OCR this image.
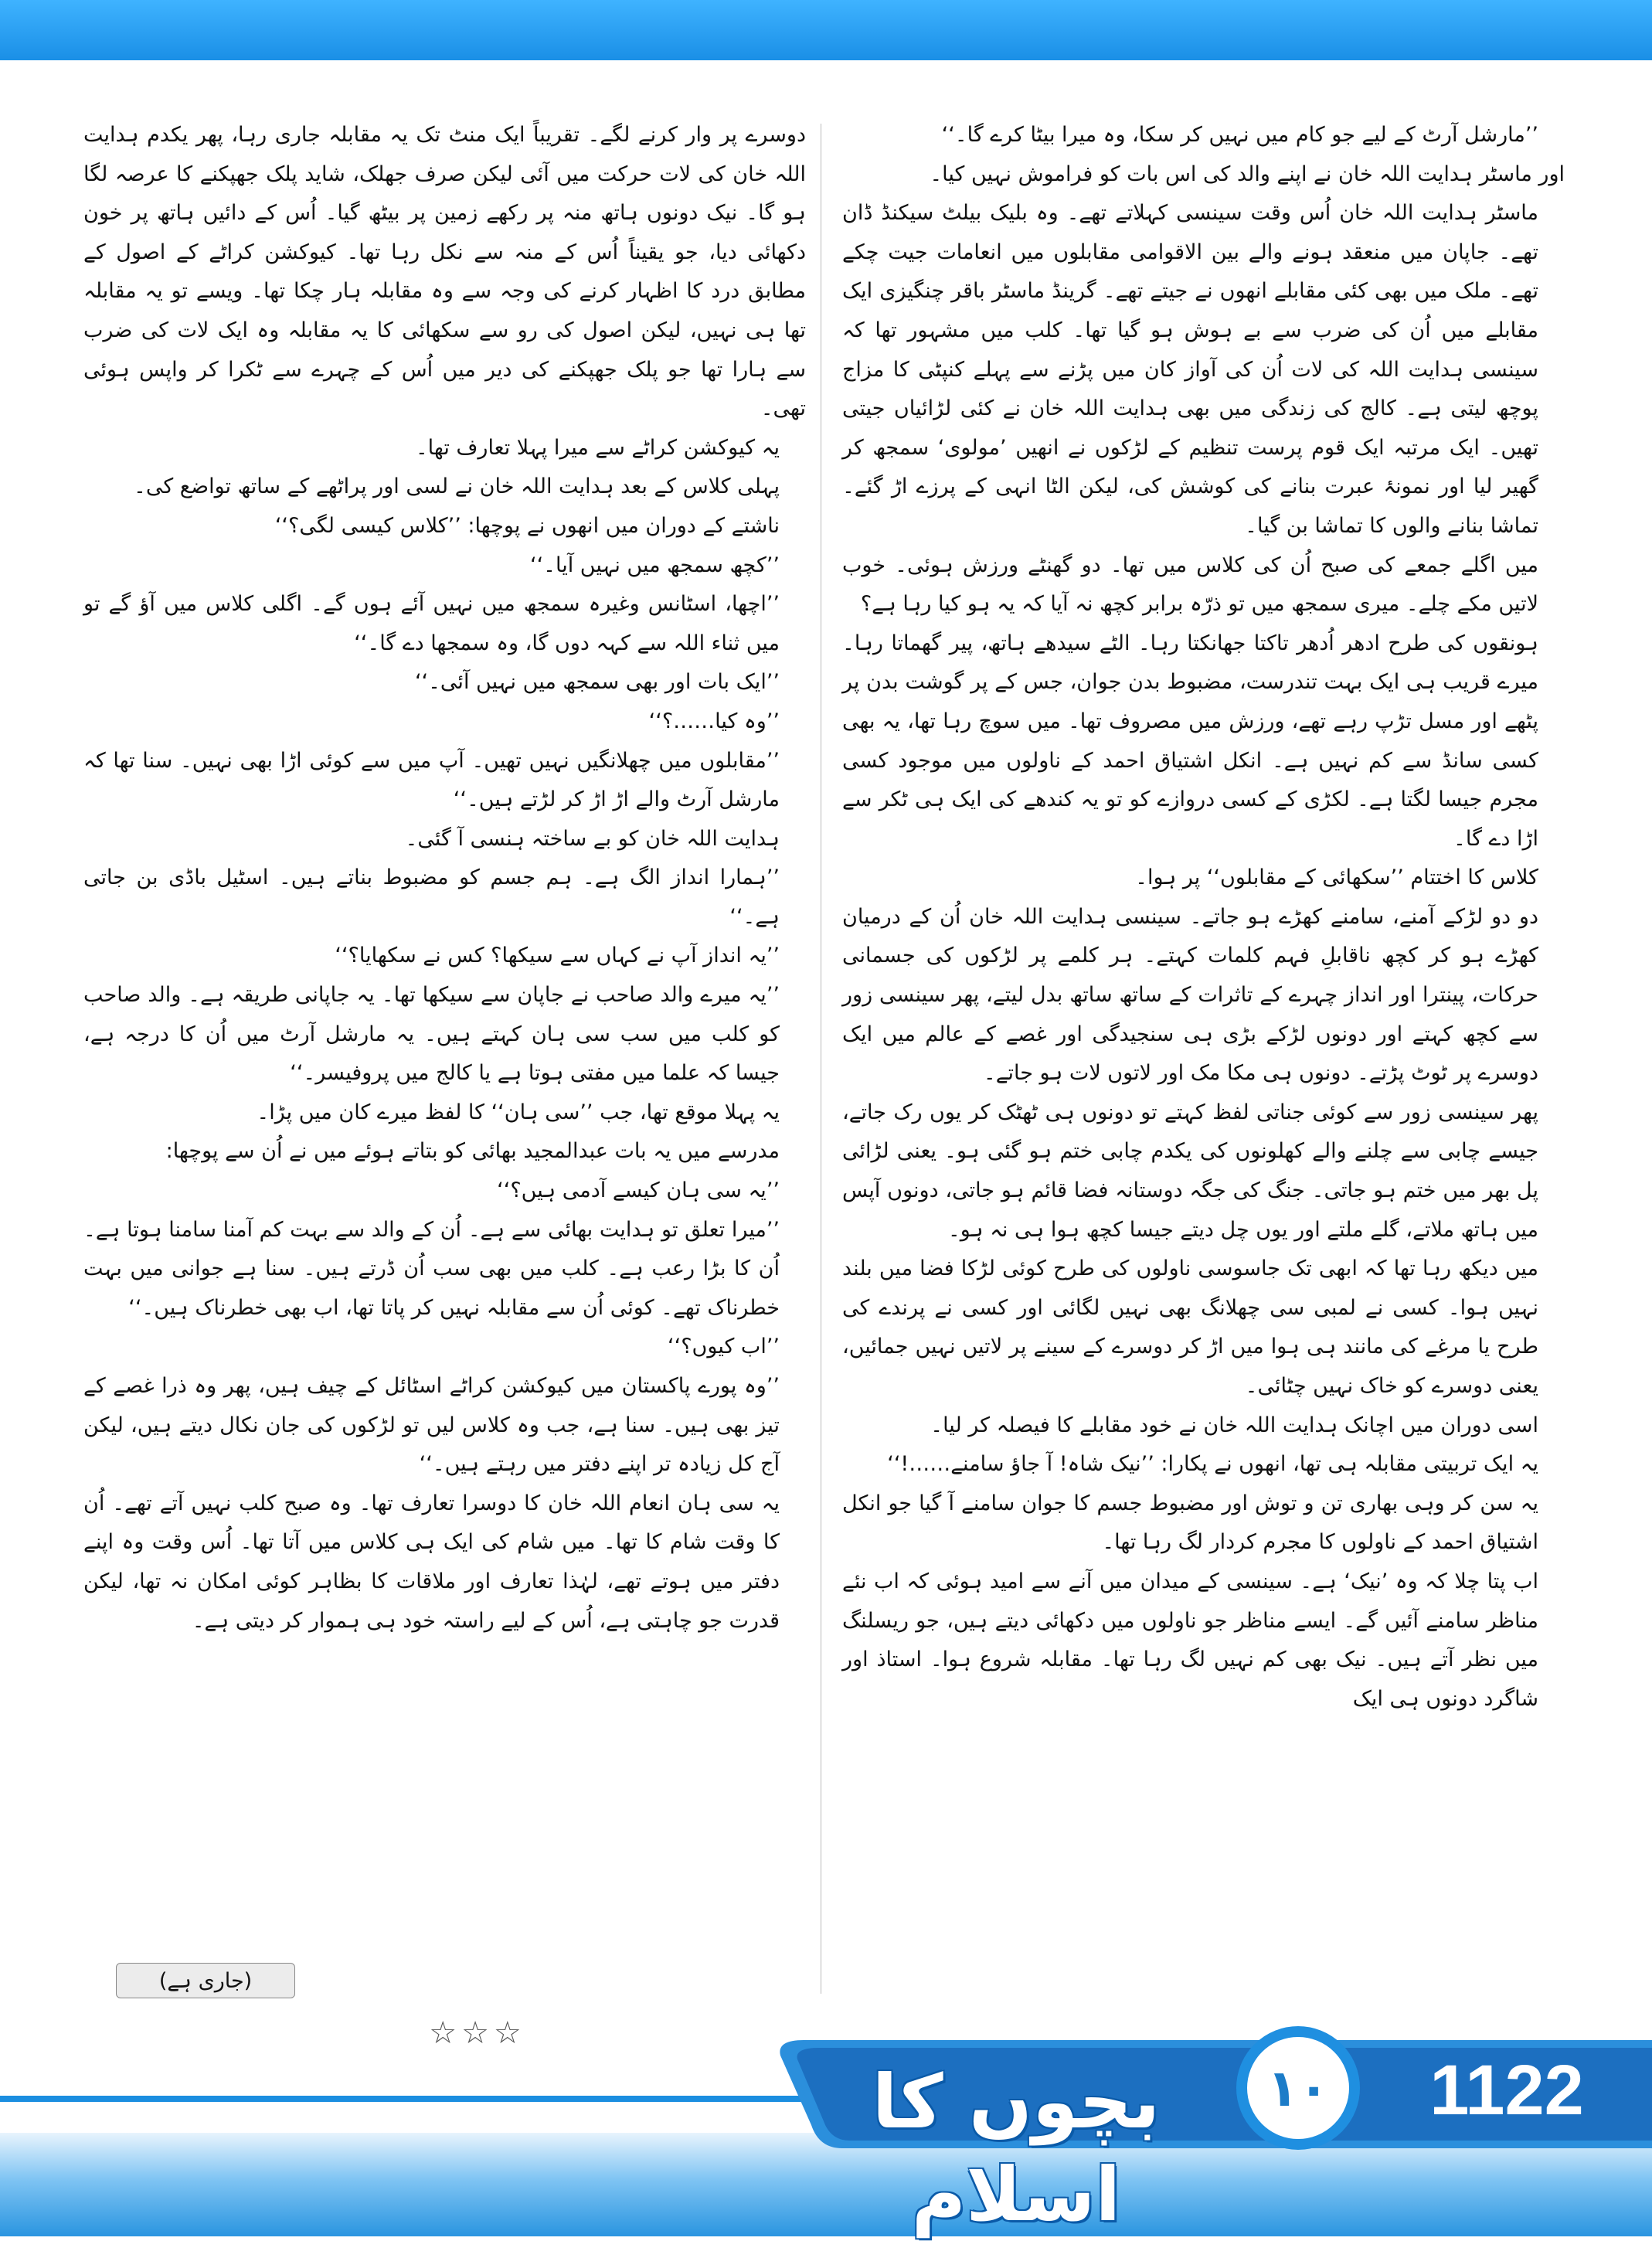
’’مارشل آرٹ کے لیے جو کام میں نہیں کر سکا، وہ میرا بیٹا کرے گا۔‘‘

اور ماسٹر ہدایت اللہ خان نے اپنے والد کی اس بات کو فراموش نہیں کیا۔

ماسٹر ہدایت اللہ خان اُس وقت سینسی کہلاتے تھے۔ وہ بلیک بیلٹ سیکنڈ ڈان تھے۔ جاپان میں منعقد ہونے والے بین الاقوامی مقابلوں میں انعامات جیت چکے تھے۔ ملک میں بھی کئی مقابلے انھوں نے جیتے تھے۔ گرینڈ ماسٹر باقر چنگیزی ایک مقابلے میں اُن کی ضرب سے بے ہوش ہو گیا تھا۔ کلب میں مشہور تھا کہ سینسی ہدایت اللہ کی لات اُن کی آواز کان میں پڑنے سے پہلے کنپٹی کا مزاج پوچھ لیتی ہے۔ کالج کی زندگی میں بھی ہدایت اللہ خان نے کئی لڑائیاں جیتی تھیں۔ ایک مرتبہ ایک قوم پرست تنظیم کے لڑکوں نے انھیں ’مولوی‘ سمجھ کر گھیر لیا اور نمونۂ عبرت بنانے کی کوشش کی، لیکن الٹا انہی کے پرزے اڑ گئے۔ تماشا بنانے والوں کا تماشا بن گیا۔

میں اگلے جمعے کی صبح اُن کی کلاس میں تھا۔ دو گھنٹے ورزش ہوئی۔ خوب لاتیں مکے چلے۔ میری سمجھ میں تو ذرّہ برابر کچھ نہ آیا کہ یہ ہو کیا رہا ہے؟

ہونقوں کی طرح ادھر اُدھر تاکتا جھانکتا رہا۔ الٹے سیدھے ہاتھ، پیر گھماتا رہا۔ میرے قریب ہی ایک بہت تندرست، مضبوط بدن جوان، جس کے پر گوشت بدن پر پٹھے اور مسل تڑپ رہے تھے، ورزش میں مصروف تھا۔ میں سوچ رہا تھا، یہ بھی کسی سانڈ سے کم نہیں ہے۔ انکل اشتیاق احمد کے ناولوں میں موجود کسی مجرم جیسا لگتا ہے۔ لکڑی کے کسی دروازے کو تو یہ کندھے کی ایک ہی ٹکر سے اڑا دے گا۔

کلاس کا اختتام ’’سکھائی کے مقابلوں‘‘ پر ہوا۔

دو دو لڑکے آمنے، سامنے کھڑے ہو جاتے۔ سینسی ہدایت اللہ خان اُن کے درمیان کھڑے ہو کر کچھ ناقابلِ فہم کلمات کہتے۔ ہر کلمے پر لڑکوں کی جسمانی حرکات، پینترا اور انداز چہرے کے تاثرات کے ساتھ ساتھ بدل لیتے، پھر سینسی زور سے کچھ کہتے اور دونوں لڑکے بڑی ہی سنجیدگی اور غصے کے عالم میں ایک دوسرے پر ٹوٹ پڑتے۔ دونوں ہی مکا مک اور لاتوں لات ہو جاتے۔

پھر سینسی زور سے کوئی جناتی لفظ کہتے تو دونوں ہی ٹھٹک کر یوں رک جاتے، جیسے چابی سے چلنے والے کھلونوں کی یکدم چابی ختم ہو گئی ہو۔ یعنی لڑائی پل بھر میں ختم ہو جاتی۔ جنگ کی جگہ دوستانہ فضا قائم ہو جاتی، دونوں آپس میں ہاتھ ملاتے، گلے ملتے اور یوں چل دیتے جیسا کچھ ہوا ہی نہ ہو۔

میں دیکھ رہا تھا کہ ابھی تک جاسوسی ناولوں کی طرح کوئی لڑکا فضا میں بلند نہیں ہوا۔ کسی نے لمبی سی چھلانگ بھی نہیں لگائی اور کسی نے پرندے کی طرح یا مرغے کی مانند ہی ہوا میں اڑ کر دوسرے کے سینے پر لاتیں نہیں جمائیں، یعنی دوسرے کو خاک نہیں چٹائی۔

اسی دوران میں اچانک ہدایت اللہ خان نے خود مقابلے کا فیصلہ کر لیا۔

یہ ایک تربیتی مقابلہ ہی تھا، انھوں نے پکارا: ’’نیک شاہ! آ جاؤ سامنے……!‘‘

یہ سن کر وہی بھاری تن و توش اور مضبوط جسم کا جوان سامنے آ گیا جو انکل اشتیاق احمد کے ناولوں کا مجرم کردار لگ رہا تھا۔

اب پتا چلا کہ وہ ’نیک‘ ہے۔ سینسی کے میدان میں آنے سے امید ہوئی کہ اب نئے مناظر سامنے آئیں گے۔ ایسے مناظر جو ناولوں میں دکھائی دیتے ہیں، جو ریسلنگ میں نظر آتے ہیں۔ نیک بھی کم نہیں لگ رہا تھا۔ مقابلہ شروع ہوا۔ استاذ اور شاگرد دونوں ہی ایک

دوسرے پر وار کرنے لگے۔ تقریباً ایک منٹ تک یہ مقابلہ جاری رہا، پھر یکدم ہدایت اللہ خان کی لات حرکت میں آئی لیکن صرف جھلک، شاید پلک جھپکنے کا عرصہ لگا ہو گا۔ نیک دونوں ہاتھ منہ پر رکھے زمین پر بیٹھ گیا۔ اُس کے دائیں ہاتھ پر خون دکھائی دیا، جو یقیناً اُس کے منہ سے نکل رہا تھا۔ کیوکشن کراٹے کے اصول کے مطابق درد کا اظہار کرنے کی وجہ سے وہ مقابلہ ہار چکا تھا۔ ویسے تو یہ مقابلہ تھا ہی نہیں، لیکن اصول کی رو سے سکھائی کا یہ مقابلہ وہ ایک لات کی ضرب سے ہارا تھا جو پلک جھپکنے کی دیر میں اُس کے چہرے سے ٹکرا کر واپس ہوئی تھی۔

یہ کیوکشن کراٹے سے میرا پہلا تعارف تھا۔

پہلی کلاس کے بعد ہدایت اللہ خان نے لسی اور پراٹھے کے ساتھ تواضع کی۔

ناشتے کے دوران میں انھوں نے پوچھا: ’’کلاس کیسی لگی؟‘‘

’’کچھ سمجھ میں نہیں آیا۔‘‘

’’اچھا، اسٹانس وغیرہ سمجھ میں نہیں آئے ہوں گے۔ اگلی کلاس میں آؤ گے تو میں ثناء اللہ سے کہہ دوں گا، وہ سمجھا دے گا۔‘‘

’’ایک بات اور بھی سمجھ میں نہیں آئی۔‘‘

’’وہ کیا……؟‘‘

’’مقابلوں میں چھلانگیں نہیں تھیں۔ آپ میں سے کوئی اڑا بھی نہیں۔ سنا تھا کہ مارشل آرٹ والے اڑ اڑ کر لڑتے ہیں۔‘‘

ہدایت اللہ خان کو بے ساختہ ہنسی آ گئی۔

’’ہمارا انداز الگ ہے۔ ہم جسم کو مضبوط بناتے ہیں۔ اسٹیل باڈی بن جاتی ہے۔‘‘

’’یہ انداز آپ نے کہاں سے سیکھا؟ کس نے سکھایا؟‘‘

’’یہ میرے والد صاحب نے جاپان سے سیکھا تھا۔ یہ جاپانی طریقہ ہے۔ والد صاحب کو کلب میں سب سی ہان کہتے ہیں۔ یہ مارشل آرٹ میں اُن کا درجہ ہے، جیسا کہ علما میں مفتی ہوتا ہے یا کالج میں پروفیسر۔‘‘

یہ پہلا موقع تھا، جب ’’سی ہان‘‘ کا لفظ میرے کان میں پڑا۔

مدرسے میں یہ بات عبدالمجید بھائی کو بتاتے ہوئے میں نے اُن سے پوچھا:

’’یہ سی ہان کیسے آدمی ہیں؟‘‘

’’میرا تعلق تو ہدایت بھائی سے ہے۔ اُن کے والد سے بہت کم آمنا سامنا ہوتا ہے۔ اُن کا بڑا رعب ہے۔ کلب میں بھی سب اُن ڈرتے ہیں۔ سنا ہے جوانی میں بہت خطرناک تھے۔ کوئی اُن سے مقابلہ نہیں کر پاتا تھا، اب بھی خطرناک ہیں۔‘‘

’’اب کیوں؟‘‘

’’وہ پورے پاکستان میں کیوکشن کراٹے اسٹائل کے چیف ہیں، پھر وہ ذرا غصے کے تیز بھی ہیں۔ سنا ہے، جب وہ کلاس لیں تو لڑکوں کی جان نکال دیتے ہیں، لیکن آج کل زیادہ تر اپنے دفتر میں رہتے ہیں۔‘‘

یہ سی ہان انعام اللہ خان کا دوسرا تعارف تھا۔ وہ صبح کلب نہیں آتے تھے۔ اُن کا وقت شام کا تھا۔ میں شام کی ایک ہی کلاس میں آتا تھا۔ اُس وقت وہ اپنے دفتر میں ہوتے تھے، لہٰذا تعارف اور ملاقات کا بظاہر کوئی امکان نہ تھا، لیکن قدرت جو چاہتی ہے، اُس کے لیے راستہ خود ہی ہموار کر دیتی ہے۔

(جاری ہے)
☆☆☆
بچوں کا اسلام
۱۰	1122
